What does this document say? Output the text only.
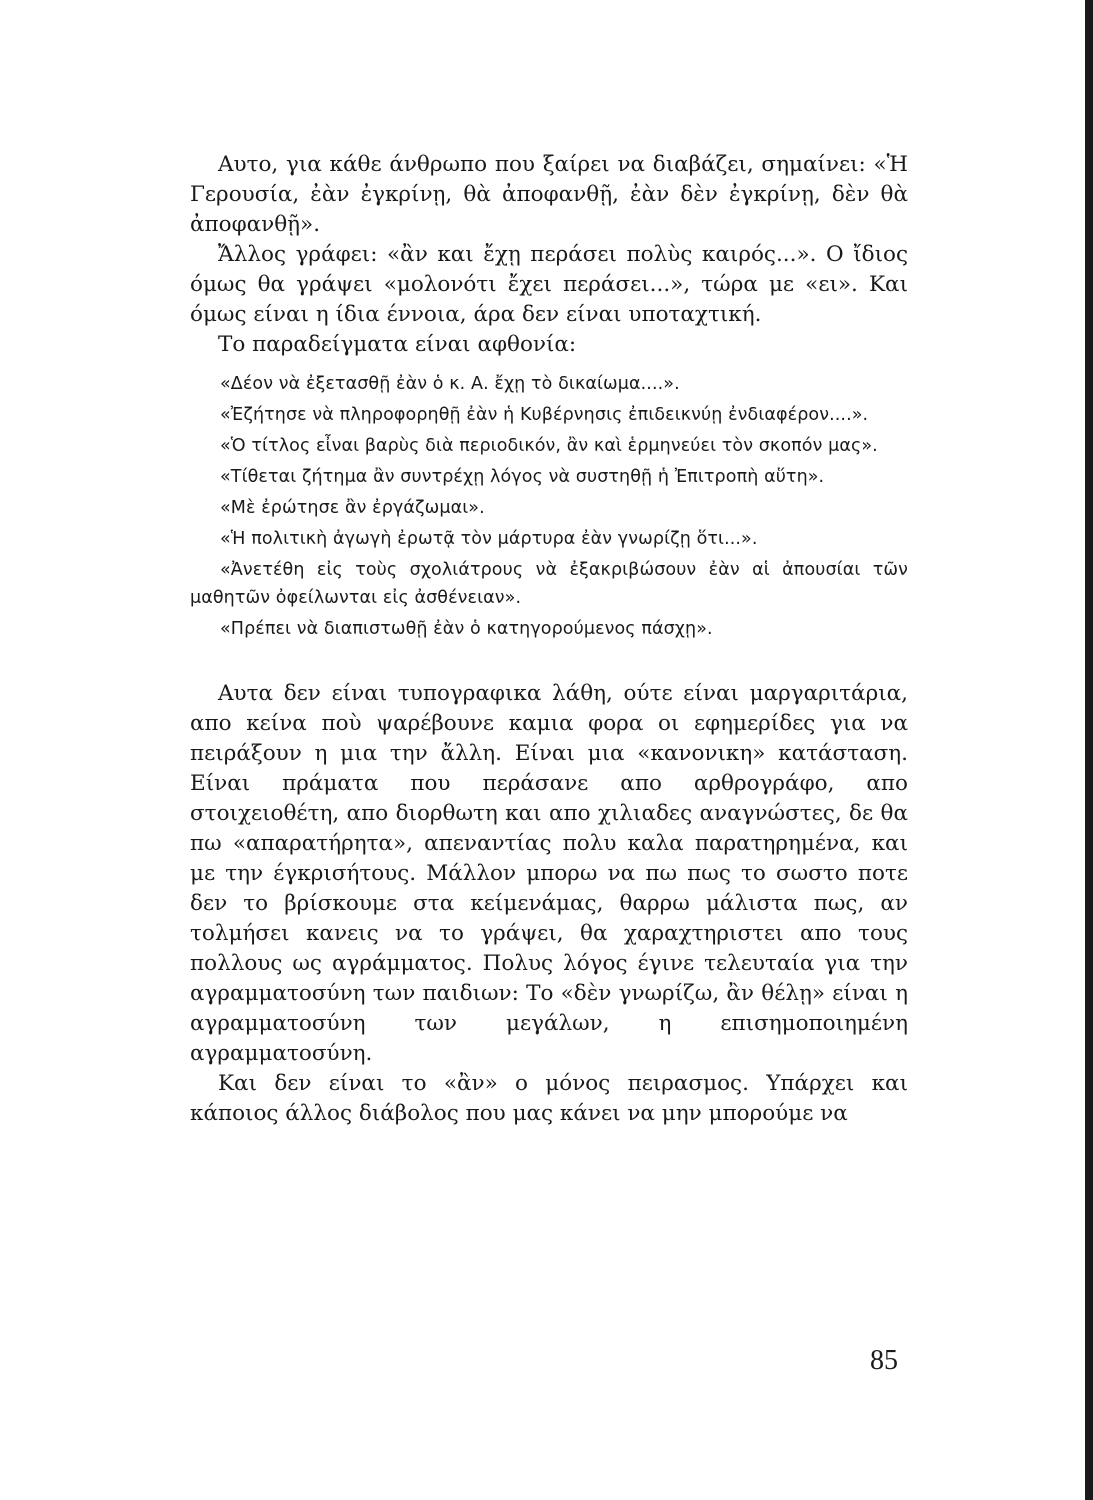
Αυτο, για κάθε άνθρωπο που ξαίρει να διαβάζει, σημαίνει: «Ἡ Γερουσία, ἐὰν ἐγκρίνῃ, θὰ ἀποφανθῇ, ἐὰν δὲν ἐγκρίνῃ, δὲν θὰ ἀποφανθῇ».

Ἄλλος γράφει: «ἂν και ἔχῃ περάσει πολὺς καιρός...». Ο ἴδιος όμως θα γράψει «μολονότι ἔχει περάσει...», τώρα με «ει». Και όμως είναι η ίδια έννοια, άρα δεν είναι υποταχτική.

Το παραδείγματα είναι αφθονία:

«Δέον νὰ ἐξετασθῇ ἐὰν ὁ κ. Α. ἔχῃ τὸ δικαίωμα....».

«Ἐζήτησε νὰ πληροφορηθῇ ἐὰν ἡ Κυβέρνησις ἐπιδεικνύῃ ἐνδιαφέρον....».

«Ὁ τίτλος εἶναι βαρὺς διὰ περιοδικόν, ἂν καὶ ἑρμηνεύει τὸν σκοπόν μας».

«Τίθεται ζήτημα ἂν συντρέχῃ λόγος νὰ συστηθῇ ἡ Ἐπιτροπὴ αὕτη».

«Μὲ ἐρώτησε ἂν ἐργάζωμαι».

«Ἡ πολιτικὴ ἀγωγὴ ἐρωτᾷ τὸν μάρτυρα ἐὰν γνωρίζῃ ὅτι...».

«Ἀνετέθη εἰς τοὺς σχολιάτρους νὰ ἐξακριβώσουν ἐὰν αἱ ἀπουσίαι τῶν μαθητῶν ὀφείλωνται εἰς ἀσθένειαν».

«Πρέπει νὰ διαπιστωθῇ ἐὰν ὁ κατηγορούμενος πάσχῃ».

Αυτα δεν είναι τυπογραφικα λάθη, ούτε είναι μαργαριτάρια, απο κείνα ποὺ ψαρέβουνε καμια φορα οι εφημερίδες για να πειράξουν η μια την ἄλλη. Είναι μια «κανονικη» κατάσταση. Είναι πράματα που περάσανε απο αρθρογράφο, απο στοιχειοθέτη, απο διορθωτη και απο χιλιαδες αναγνώστες, δε θα πω «απαρατήρητα», απεναντίας πολυ καλα παρατηρημένα, και με την έγκρισήτους. Μάλλον μπορω να πω πως το σωστο ποτε δεν το βρίσκουμε στα κείμενάμας, θαρρω μάλιστα πως, αν τολμήσει κανεις να το γράψει, θα χαραχτηριστει απο τους πολλους ως αγράμματος. Πολυς λόγος έγινε τελευταία για την αγραμματοσύνη των παιδιων: Το «δὲν γνωρίζω, ἂν θέλῃ» είναι η αγραμματοσύνη των μεγάλων, η επισημοποιημένη αγραμματοσύνη.

Και δεν είναι το «ἂν» ο μόνος πειρασμος. Υπάρχει και κάποιος άλλος διάβολος που μας κάνει να μην μπορούμε να

85
